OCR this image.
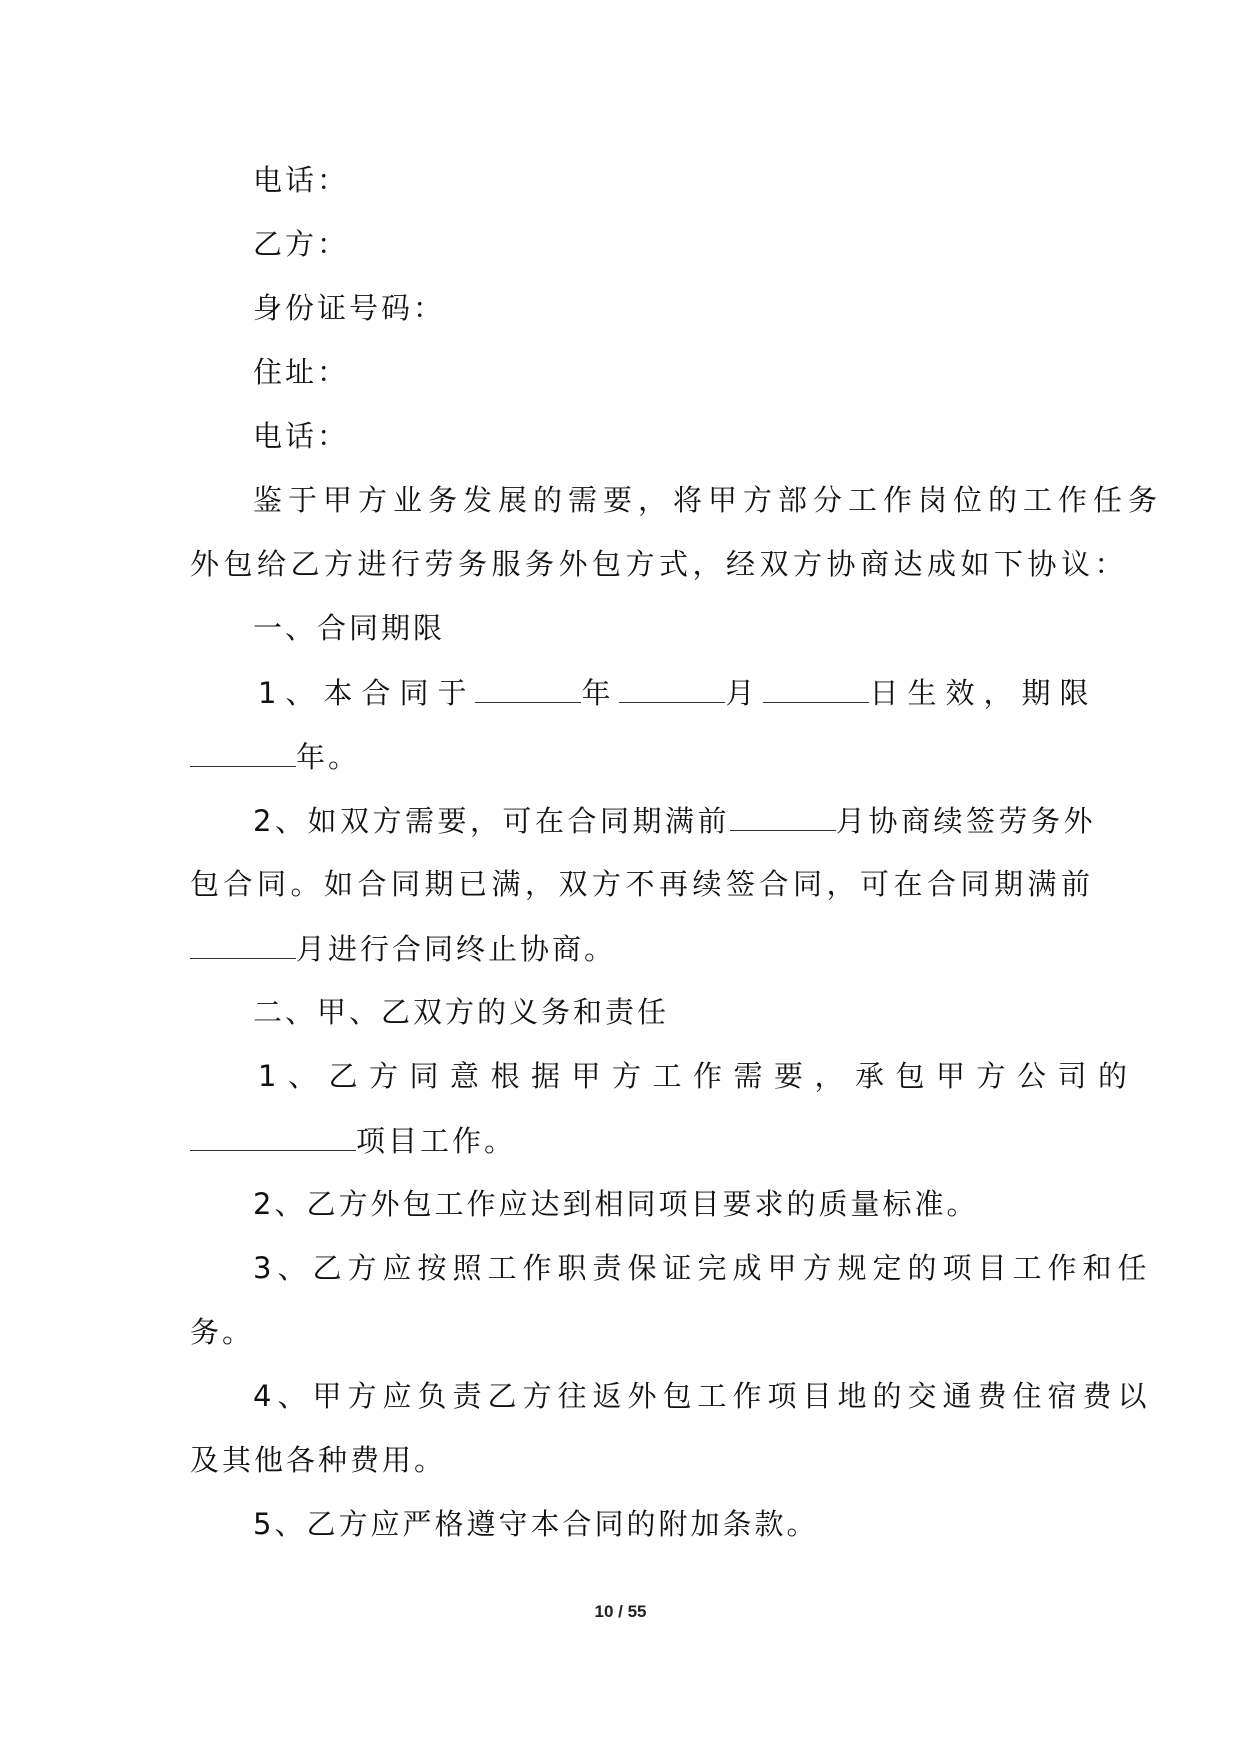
电话：
乙方：
身份证号码：
住址：
电话：
鉴于甲方业务发展的需要，将甲方部分工作岗位的工作任务
外包给乙方进行劳务服务外包方式，经双方协商达成如下协议：
一、合同期限
1、本合同于	年	月	日生效，期限
年。
2、如双方需要，可在合同期满前	月协商续签劳务外
包合同。如合同期已满，双方不再续签合同，可在合同期满前
月进行合同终止协商。
二、甲、乙双方的义务和责任
1、乙方同意根据甲方工作需要，承包甲方公司的
项目工作。
2、乙方外包工作应达到相同项目要求的质量标准。
3、乙方应按照工作职责保证完成甲方规定的项目工作和任
务。
4、甲方应负责乙方往返外包工作项目地的交通费住宿费以
及其他各种费用。
5、乙方应严格遵守本合同的附加条款。
10 / 55
